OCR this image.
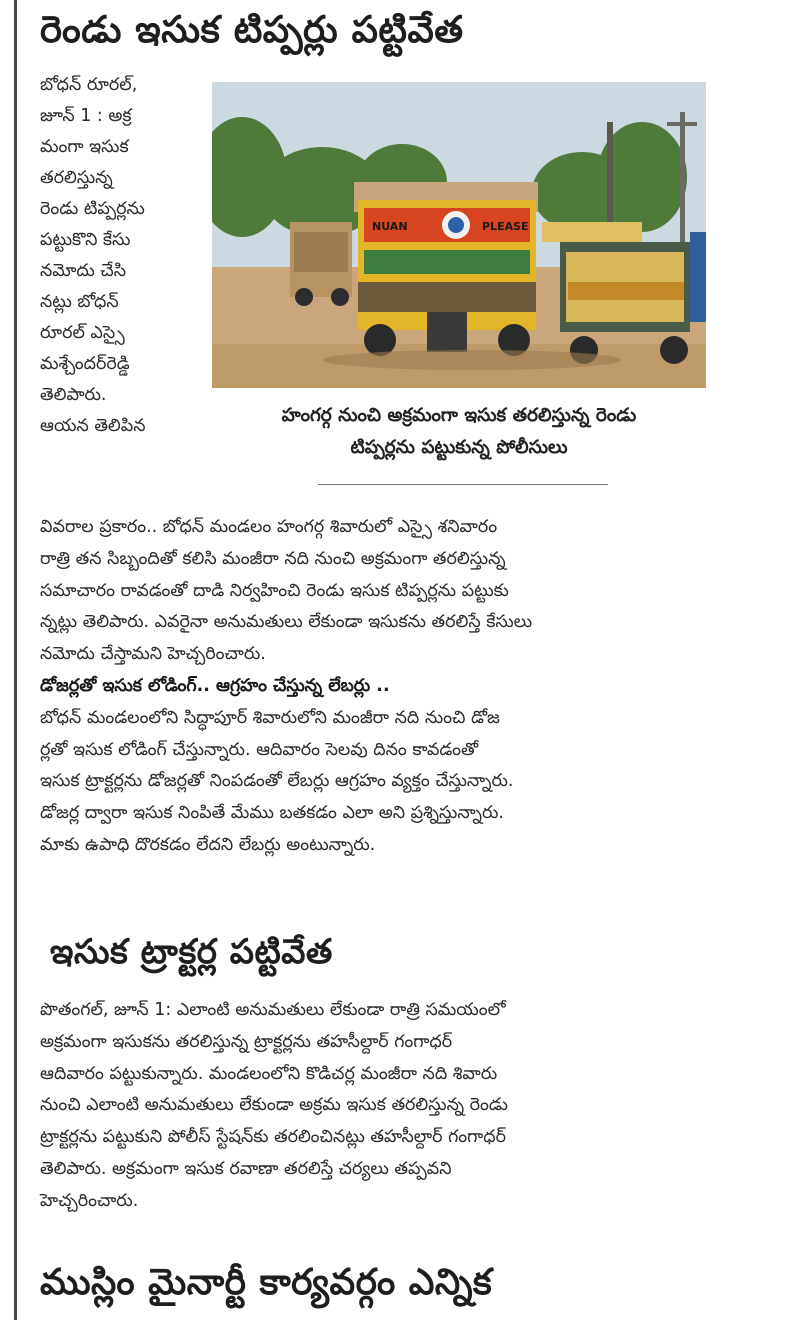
రెండు ఇసుక టిప్పర్లు పట్టివేత
బోధన్ రూరల్,
జూన్ 1 : అక్ర
మంగా ఇసుక
తరలిస్తున్న
రెండు టిప్పర్లను
పట్టుకొని కేసు
నమోదు చేసి
నట్లు బోధన్
రూరల్ ఎస్సై
మశ్చేందర్‌రెడ్డి
తెలిపారు.
ఆయన తెలిపిన
NUAN	PLEASE
హంగర్గ నుంచి అక్రమంగా ఇసుక తరలిస్తున్న రెండు
టిప్పర్లను పట్టుకున్న పోలీసులు
వివరాల ప్రకారం.. బోధన్ మండలం హంగర్గ శివారులో ఎస్సై శనివారం
రాత్రి తన సిబ్బందితో కలిసి మంజీరా నది నుంచి అక్రమంగా తరలిస్తున్న
సమాచారం రావడంతో దాడి నిర్వహించి రెండు ఇసుక టిప్పర్లను పట్టుకు
న్నట్లు తెలిపారు. ఎవరైనా అనుమతులు లేకుండా ఇసుకను తరలిస్తే కేసులు
నమోదు చేస్తామని హెచ్చరించారు.
డోజర్లతో ఇసుక లోడింగ్.. ఆగ్రహం చేస్తున్న లేబర్లు ..
బోధన్ మండలంలోని సిద్ధాపూర్ శివారులోని మంజీరా నది నుంచి డోజ
ర్లతో ఇసుక లోడింగ్ చేస్తున్నారు. ఆదివారం సెలవు దినం కావడంతో
ఇసుక ట్రాక్టర్లను డోజర్లతో నింపడంతో లేబర్లు ఆగ్రహం వ్యక్తం చేస్తున్నారు.
డోజర్ల ద్వారా ఇసుక నింపితే మేము బతకడం ఎలా అని ప్రశ్నిస్తున్నారు.
మాకు ఉపాధి దొరకడం లేదని లేబర్లు అంటున్నారు.
ఇసుక ట్రాక్టర్ల పట్టివేత
పొతంగల్, జూన్ 1: ఎలాంటి అనుమతులు లేకుండా రాత్రి సమయంలో
అక్రమంగా ఇసుకను తరలిస్తున్న ట్రాక్టర్లను తహసీల్దార్ గంగాధర్
ఆదివారం పట్టుకున్నారు. మండలంలోని కొడిచర్ల మంజీరా నది శివారు
నుంచి ఎలాంటి అనుమతులు లేకుండా అక్రమ ఇసుక తరలిస్తున్న రెండు
ట్రాక్టర్లను పట్టుకుని పోలీస్ స్టేషన్‌కు తరలించినట్లు తహసీల్దార్ గంగాధర్
తెలిపారు. అక్రమంగా ఇసుక రవాణా తరలిస్తే చర్యలు తప్పవని
హెచ్చరించారు.
ముస్లిం మైనార్టీ కార్యవర్గం ఎన్నిక
